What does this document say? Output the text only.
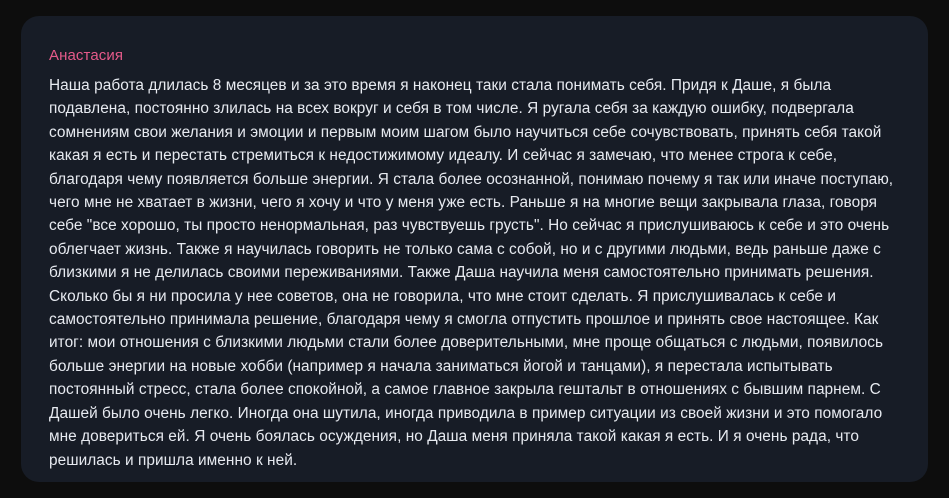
Анастасия
Наша работа длилась 8 месяцев и за это время я наконец таки стала понимать себя. Придя к Даше, я была подавлена, постоянно злилась на всех вокруг и себя в том числе. Я ругала себя за каждую ошибку, подвергала сомнениям свои желания и эмоции и первым моим шагом было научиться себе сочувствовать, принять себя такой какая я есть и перестать стремиться к недостижимому идеалу. И сейчас я замечаю, что менее строга к себе, благодаря чему появляется больше энергии. Я стала более осознанной, понимаю почему я так или иначе поступаю, чего мне не хватает в жизни, чего я хочу и что у меня уже есть. Раньше я на многие вещи закрывала глаза, говоря себе "все хорошо, ты просто ненормальная, раз чувствуешь грусть". Но сейчас я прислушиваюсь к себе и это очень облегчает жизнь. Также я научилась говорить не только сама с собой, но и с другими людьми, ведь раньше даже с близкими я не делилась своими переживаниями. Также Даша научила меня самостоятельно принимать решения. Сколько бы я ни просила у нее советов, она не говорила, что мне стоит сделать. Я прислушивалась к себе и самостоятельно принимала решение, благодаря чему я смогла отпустить прошлое и принять свое настоящее. Как итог: мои отношения с близкими людьми стали более доверительными, мне проще общаться с людьми, появилось больше энергии на новые хобби (например я начала заниматься йогой и танцами), я перестала испытывать постоянный стресс, стала более спокойной, а самое главное закрыла гештальт в отношениях с бывшим парнем. С Дашей было очень легко. Иногда она шутила, иногда приводила в пример ситуации из своей жизни и это помогало мне довериться ей. Я очень боялась осуждения, но Даша меня приняла такой какая я есть. И я очень рада, что решилась и пришла именно к ней.
